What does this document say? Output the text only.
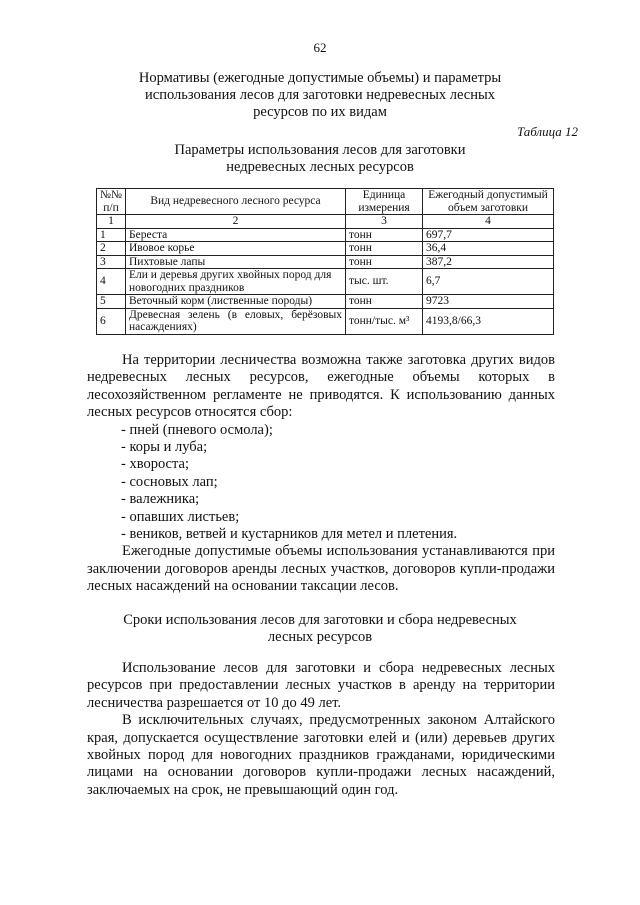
62
Нормативы (ежегодные допустимые объемы) и параметры использования лесов для заготовки недревесных лесных ресурсов по их видам
Таблица 12
Параметры использования лесов для заготовки недревесных лесных ресурсов
№№ п/п	Вид недревесного лесного ресурса	Единица измерения	Ежегодный допустимый объем заготовки
1	2	3	4
1	Береста	тонн	697,7
2	Ивовое корье	тонн	36,4
3	Пихтовые лапы	тонн	387,2
4	Ели и деревья других хвойных пород для новогодних праздников	тыс. шт.	6,7
5	Веточный корм (лиственные породы)	тонн	9723
6	Древесная зелень (в еловых, берёзовых насаждениях)	тонн/тыс. м³	4193,8/66,3

На территории лесничества возможна также заготовка других видов недревесных лесных ресурсов, ежегодные объемы которых в лесохозяйственном регламенте не приводятся. К использованию данных лесных ресурсов относятся сбор:

- пней (пневого осмола);
- коры и луба;
- хвороста;
- сосновых лап;
- валежника;
- опавших листьев;
- веников, ветвей и кустарников для метел и плетения.

Ежегодные допустимые объемы использования устанавливаются при заключении договоров аренды лесных участков, договоров купли-продажи лесных насаждений на основании таксации лесов.

Сроки использования лесов для заготовки и сбора недревесных лесных ресурсов

Использование лесов для заготовки и сбора недревесных лесных ресурсов при предоставлении лесных участков в аренду на территории лесничества разрешается от 10 до 49 лет.

В исключительных случаях, предусмотренных законом Алтайского края, допускается осуществление заготовки елей и (или) деревьев других хвойных пород для новогодних праздников гражданами, юридическими лицами на основании договоров купли-продажи лесных насаждений, заключаемых на срок, не превышающий один год.
